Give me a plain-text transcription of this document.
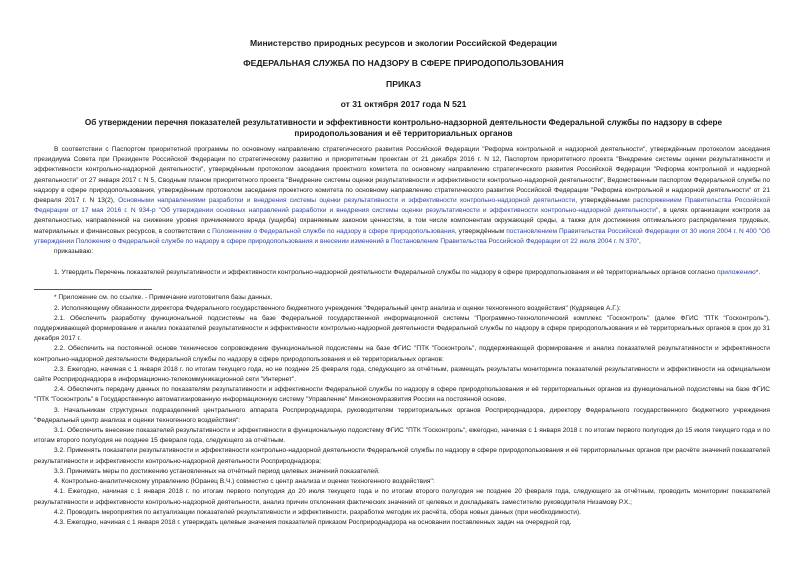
Министерство природных ресурсов и экологии Российской Федерации
ФЕДЕРАЛЬНАЯ СЛУЖБА ПО НАДЗОРУ В СФЕРЕ ПРИРОДОПОЛЬЗОВАНИЯ
ПРИКАЗ
от 31 октября 2017 года N 521
Об утверждении перечня показателей результативности и эффективности контрольно-надзорной деятельности Федеральной службы по надзору в сфере
природопользования и её территориальных органов

В соответствии с Паспортом приоритетной программы по основному направлению стратегического развития Российской Федерации "Реформа контрольной и надзорной деятельности", утверждённым протоколом заседания президиума Совета при Президенте Российской Федерации по стратегическому развитию и приоритетным проектам от 21 декабря 2016 г. N 12, Паспортом приоритетного проекта "Внедрение системы оценки результативности и эффективности контрольно-надзорной деятельности", утверждённым протоколом заседания проектного комитета по основному направлению стратегического развития Российской Федерации "Реформа контрольной и надзорной деятельности" от 27 января 2017 г. N 5, Сводным планом приоритетного проекта "Внедрение системы оценки результативности и эффективности контрольно-надзорной деятельности", Ведомственным паспортом Федеральной службы по надзору в сфере природопользования, утверждённым протоколом заседания проектного комитета по основному направлению стратегического развития Российской Федерации "Реформа контрольной и надзорной деятельности" от 21 февраля 2017 г. N 13(2), Основными направлениями разработки и внедрения системы оценки результативности и эффективности контрольно-надзорной деятельности, утверждёнными распоряжением Правительства Российской Федерации от 17 мая 2016 г. N 934-р "Об утверждении основных направлений разработки и внедрения системы оценки результативности и эффективности контрольно-надзорной деятельности", в целях организации контроля за деятельностью, направленной на снижение уровня причиняемого вреда (ущерба) охраняемым законом ценностям, в том числе компонентам окружающей среды, а также для достижения оптимального распределения трудовых, материальных и финансовых ресурсов, в соответствии с Положением о Федеральной службе по надзору в сфере природопользования, утверждённым постановлением Правительства Российской Федерации от 30 июля 2004 г. N 400 "Об утверждении Положения о Федеральной службе по надзору в сфере природопользования и внесении изменений в Постановление Правительства Российской Федерации от 22 июля 2004 г. N 370",

приказываю:

1. Утвердить Перечень показателей результативности и эффективности контрольно-надзорной деятельности Федеральной службы по надзору в сфере природопользования и её территориальных органов согласно приложению*.

* Приложение см. по ссылке. - Примечание изготовителя базы данных.

2. Исполняющему обязанности директора Федерального государственного бюджетного учреждения "Федеральный центр анализа и оценки техногенного воздействия" (Кудрявцев А.Г.):

2.1. Обеспечить разработку функциональной подсистемы на базе Федеральной государственной информационной системы "Программно-технологический комплекс "Госконтроль" (далее ФГИС "ПТК "Госконтроль"), поддерживающей формирование и анализ показателей результативности и эффективности контрольно-надзорной деятельности Федеральной службы по надзору в сфере природопользования и её территориальных органов в срок до 31 декабря 2017 г.

2.2. Обеспечить на постоянной основе техническое сопровождение функциональной подсистемы на базе ФГИС "ПТК "Госконтроль", поддерживающей формирование и анализ показателей результативности и эффективности контрольно-надзорной деятельности Федеральной службы по надзору в сфере природопользования и её территориальных органов:

2.3. Ежегодно, начиная с 1 января 2018 г. по итогам текущего года, но не позднее 25 февраля года, следующего за отчётным, размещать результаты мониторинга показателей результативности и эффективности на официальном сайте Росприроднадзора в информационно-телекоммуникационной сети "Интернет".

2.4. Обеспечить передачу данных по показателям результативности и эффективности Федеральной службы по надзору в сфере природопользования и её территориальных органов из функциональной подсистемы на базе ФГИС "ПТК "Госконтроль" в Государственную автоматизированную информационную систему "Управление" Минэкономразвития России на постоянной основе.

3. Начальникам структурных подразделений центрального аппарата Росприроднадзора, руководителям территориальных органов Росприроднадзора, директору Федерального государственного бюджетного учреждения "Федеральный центр анализа и оценки техногенного воздействия":

3.1. Обеспечить внесение показателей результативности и эффективности в функциональную подсистему ФГИС "ПТК "Госконтроль", ежегодно, начиная с 1 января 2018 г. по итогам первого полугодия до 15 июля текущего года и по итогам второго полугодия не позднее 15 февраля года, следующего за отчётным.

3.2. Применять показатели результативности и эффективности контрольно-надзорной деятельности Федеральной службы по надзору в сфере природопользования и её территориальных органов при расчёте значений показателей результативности и эффективности контрольно-надзорной деятельности Росприроднадзора;

3.3. Принимать меры по достижению установленных на отчётный период целевых значений показателей.

4. Контрольно-аналитическому управлению (Юранец В.Ч.) совместно с центр анализа и оценки техногенного воздействия":

4.1. Ежегодно, начиная с 1 января 2018 г. по итогам первого полугодия до 20 июля текущего года и по итогам второго полугодия не позднее 20 февраля года, следующего за отчётным, проводить мониторинг показателей результативности и эффективности контрольно-надзорной деятельности, анализ причин отклонения фактических значений от целевых и докладывать заместителю руководителя Низамову Р.Х.;

4.2. Проводить мероприятия по актуализации показателей результативности и эффективности, разработке методик их расчёта, сбора новых данных (при необходимости).

4.3. Ежегодно, начиная с 1 января 2018 г. утверждать целевые значения показателей приказом Росприроднадзора на основании поставленных задач на очередной год.
